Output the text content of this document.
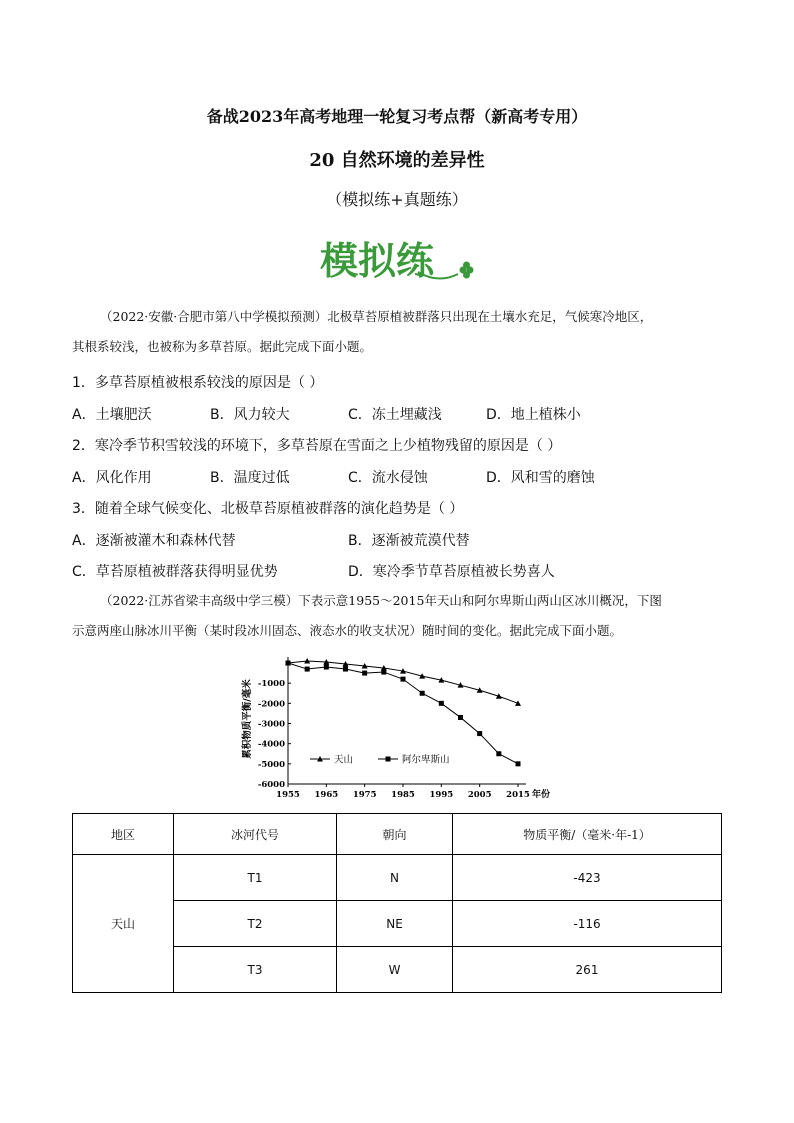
备战2023年高考地理一轮复习考点帮（新高考专用）
20 自然环境的差异性
（模拟练+真题练）
模拟练
（2022·安徽·合肥市第八中学模拟预测）北极草苔原植被群落只出现在土壤水充足，气候寒冷地区，
其根系较浅，也被称为多草苔原。据此完成下面小题。
1．多草苔原植被根系较浅的原因是（ ）
A．土壤肥沃	B．风力较大	C．冻土埋藏浅	D．地上植株小
2．寒冷季节积雪较浅的环境下，多草苔原在雪面之上少植物残留的原因是（ ）
A．风化作用	B．温度过低	C．流水侵蚀	D．风和雪的磨蚀
3．随着全球气候变化、北极草苔原植被群落的演化趋势是（ ）
A．逐渐被灌木和森林代替	B．逐渐被荒漠代替
C．草苔原植被群落获得明显优势	D．寒冷季节草苔原植被长势喜人
（2022·江苏省梁丰高级中学三模）下表示意1955～2015年天山和阿尔卑斯山两山区冰川概况，下图
示意两座山脉冰川平衡（某时段冰川固态、液态水的收支状况）随时间的变化。据此完成下面小题。
-1000
-2000
-3000
-4000
-5000
-6000
1955 1965 1975 1985 1995 2005 2015
累积物质平衡/毫米
年份
天山	阿尔卑斯山
地区	冰河代号	朝向	物质平衡/（毫米·年-1）
天山	T1	N	-423
	T2	NE	-116
	T3	W	261
